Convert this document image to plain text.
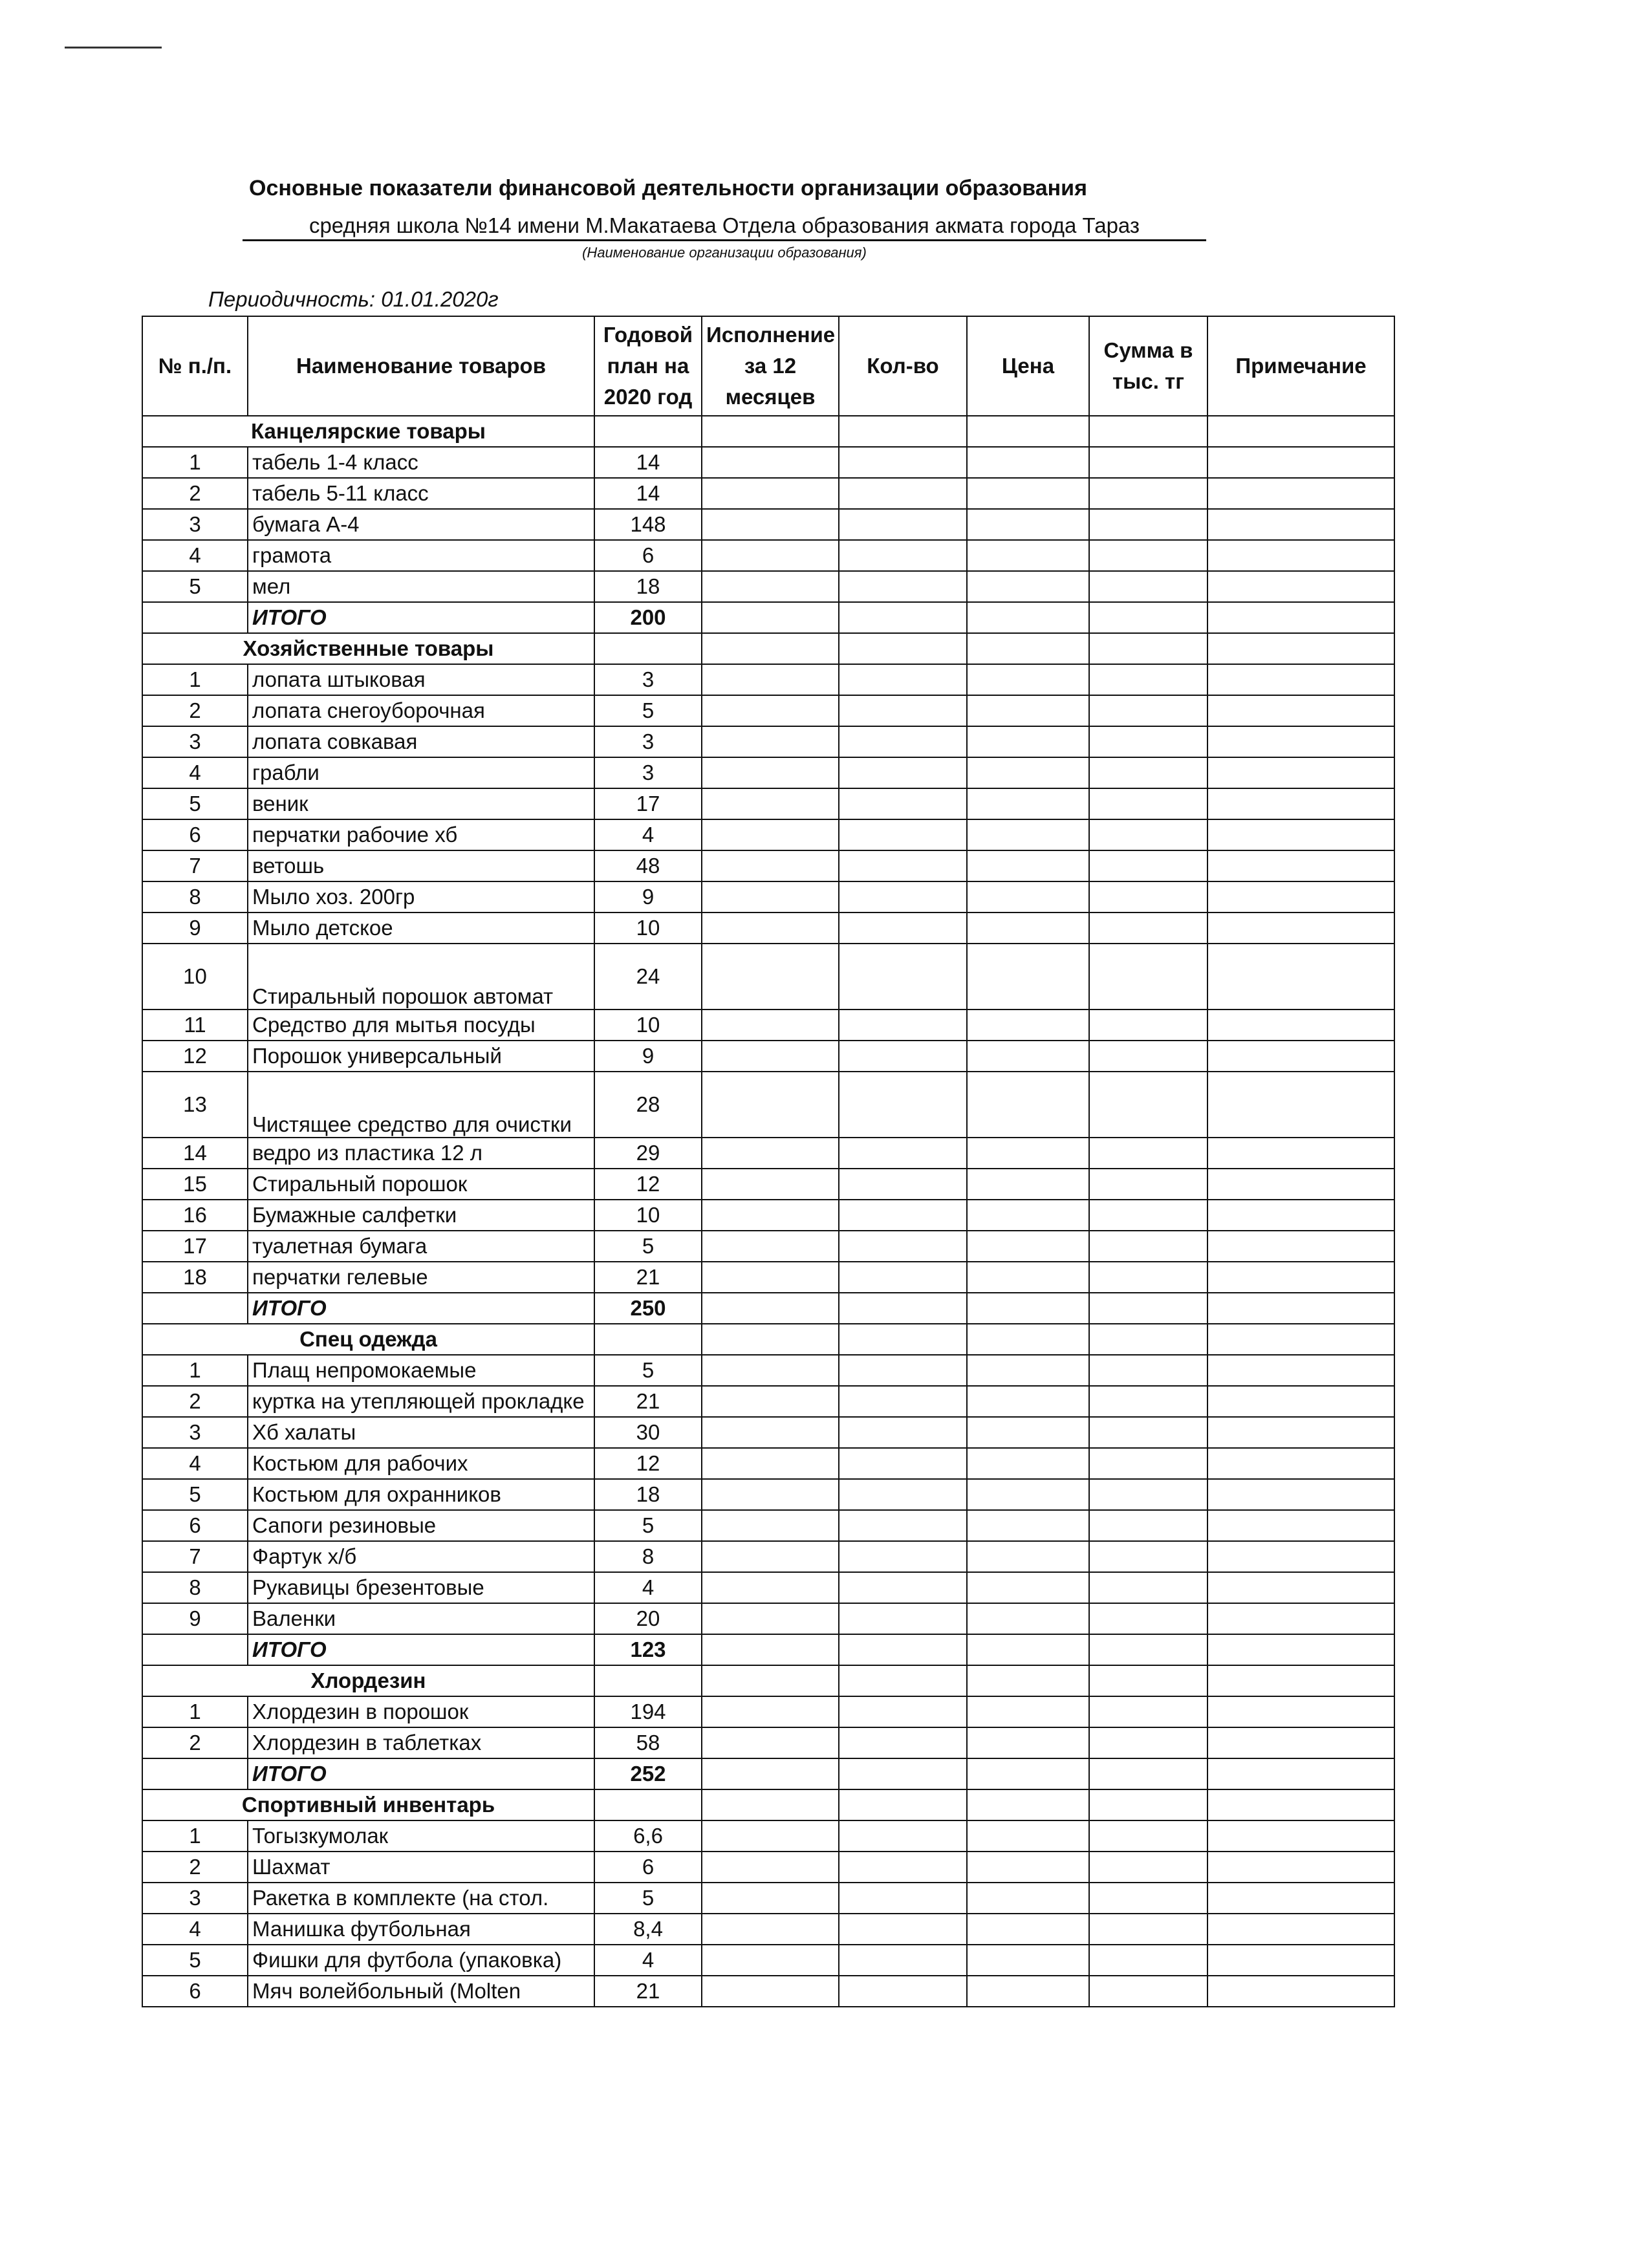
Основные показатели финансовой деятельности организации образования
средняя школа №14 имени М.Макатаева Отдела образования акмата города Тараз
(Наименование организации образования)
Периодичность: 01.01.2020г
№ п./п.	Наименование товаров	Годовой план на 2020 год	Исполнение за 12 месяцев	Кол-во	Цена	Сумма в тыс. тг	Примечание
Канцелярские товары							
1	табель 1-4 класс	14					
2	табель 5-11 класс	14					
3	бумага А-4	148					
4	грамота	6					
5	мел	18					
	ИТОГО	200					
Хозяйственные товары							
1	лопата штыковая	3					
2	лопата снегоуборочная	5					
3	лопата совкавая	3					
4	грабли	3					
5	веник	17					
6	перчатки рабочие хб	4					
7	ветошь	48					
8	Мыло хоз. 200гр	9					
9	Мыло детское	10					
10	Стиральный порошок автомат	24					
11	Средство для мытья посуды	10					
12	Порошок универсальный	9					
13	Чистящее средство для очистки	28					
14	ведро из пластика 12 л	29					
15	Стиральный порошок	12					
16	Бумажные салфетки	10					
17	туалетная бумага	5					
18	перчатки гелевые	21					
	ИТОГО	250					
Спец одежда							
1	Плащ непромокаемые	5					
2	куртка на утепляющей прокладке	21					
3	Хб халаты	30					
4	Костьюм для рабочих	12					
5	Костьюм для охранников	18					
6	Сапоги резиновые	5					
7	Фартук х/б	8					
8	Рукавицы брезентовые	4					
9	Валенки	20					
	ИТОГО	123					
Хлордезин							
1	Хлордезин в порошок	194					
2	Хлордезин в таблетках	58					
	ИТОГО	252					
Спортивный инвентарь							
1	Тогызкумолак	6,6					
2	Шахмат	6					
3	Ракетка в комплекте (на стол.	5					
4	Манишка футбольная	8,4					
5	Фишки для футбола (упаковка)	4					
6	Мяч волейбольный (Molten	21					
